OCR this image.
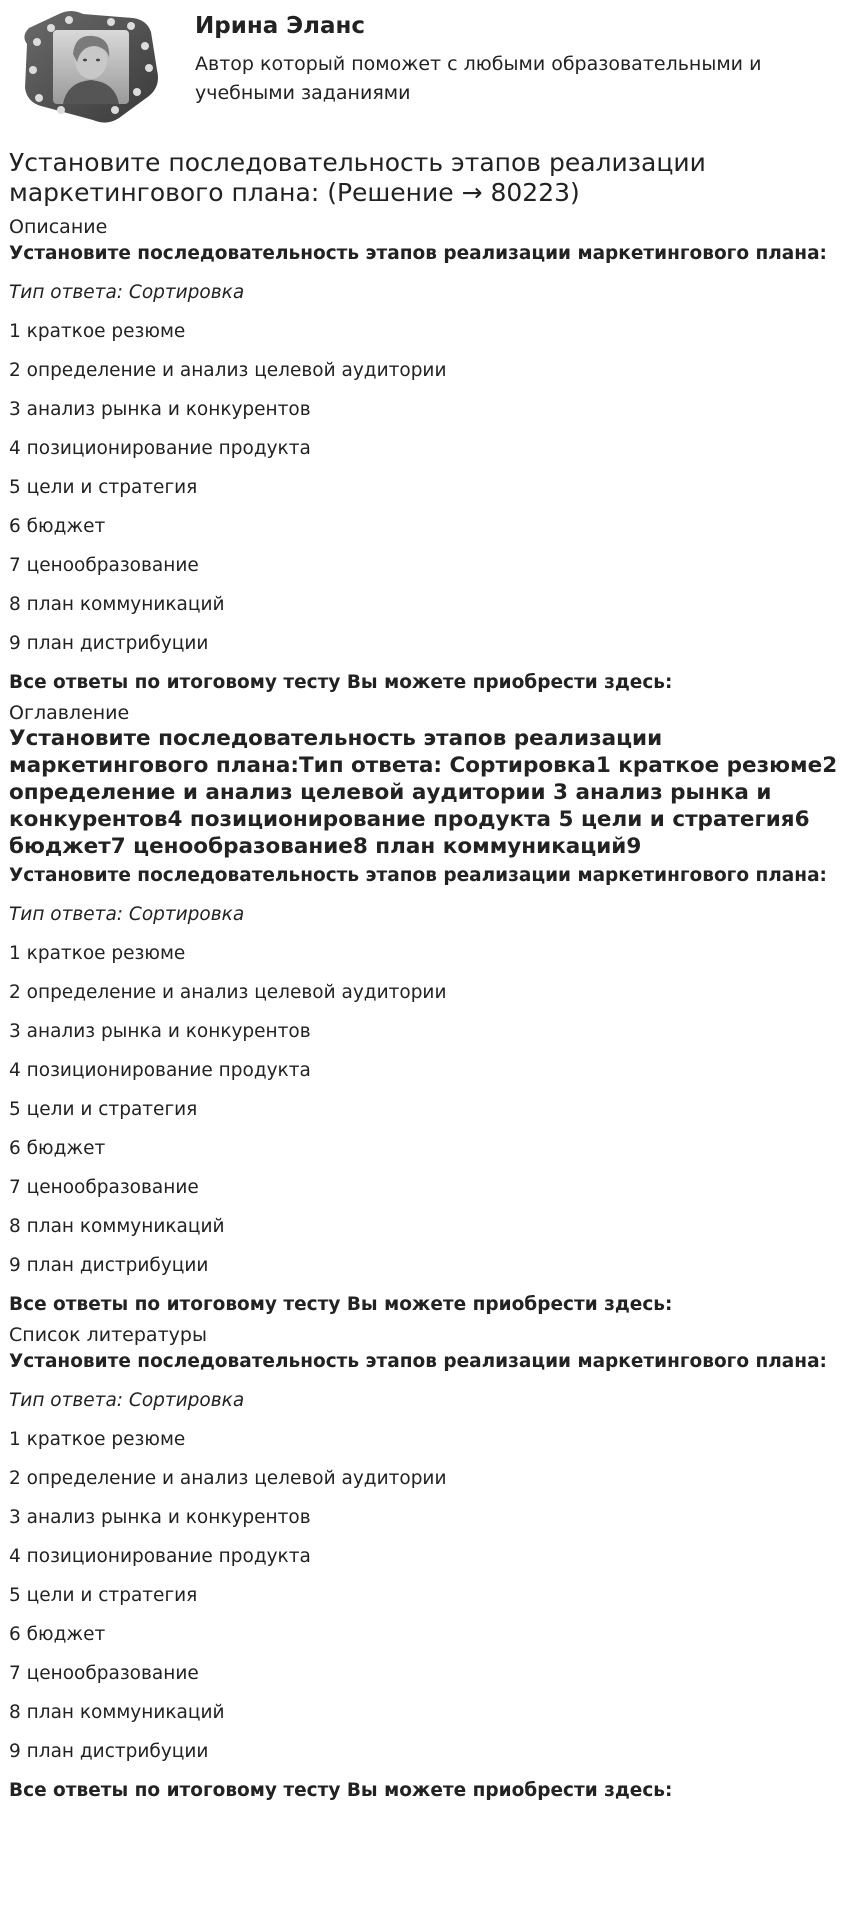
Ирина Эланс

Автор который поможет с любыми образовательными и учебными заданиями

Установите последовательность этапов реализации маркетингового плана: (Решение → 80223)

Описание

Установите последовательность этапов реализации маркетингового плана:

Тип ответа: Сортировка

1 краткое резюме
2 определение и анализ целевой аудитории
3 анализ рынка и конкурентов
4 позиционирование продукта
5 цели и стратегия
6 бюджет
7 ценообразование
8 план коммуникаций
9 план дистрибуции

Все ответы по итоговому тесту Вы можете приобрести здесь:

Оглавление

Установите последовательность этапов реализации маркетингового плана:Тип ответа: Сортировка1 краткое резюме2 определение и анализ целевой аудитории 3 анализ рынка и конкурентов4 позиционирование продукта 5 цели и стратегия6 бюджет7 ценообразование8 план коммуникаций9

Установите последовательность этапов реализации маркетингового плана:

Тип ответа: Сортировка

1 краткое резюме
2 определение и анализ целевой аудитории
3 анализ рынка и конкурентов
4 позиционирование продукта
5 цели и стратегия
6 бюджет
7 ценообразование
8 план коммуникаций
9 план дистрибуции

Все ответы по итоговому тесту Вы можете приобрести здесь:

Список литературы

Установите последовательность этапов реализации маркетингового плана:

Тип ответа: Сортировка

1 краткое резюме
2 определение и анализ целевой аудитории
3 анализ рынка и конкурентов
4 позиционирование продукта
5 цели и стратегия
6 бюджет
7 ценообразование
8 план коммуникаций
9 план дистрибуции

Все ответы по итоговому тесту Вы можете приобрести здесь:
